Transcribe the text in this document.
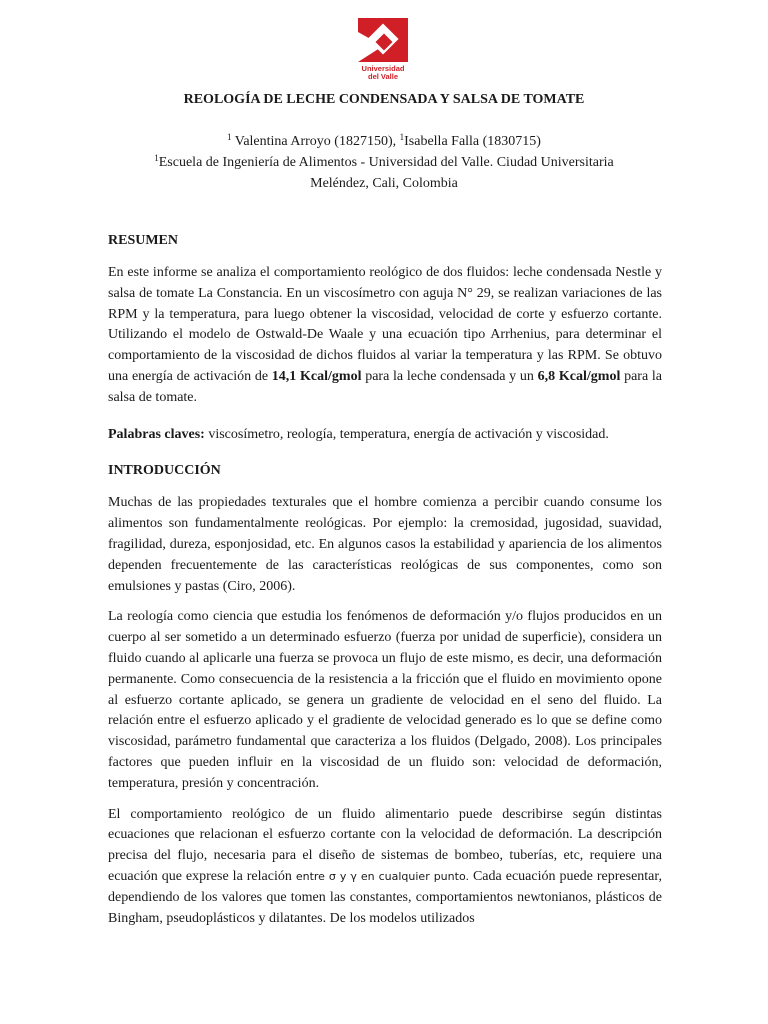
Universidad
del Valle
REOLOGÍA DE LECHE CONDENSADA Y SALSA DE TOMATE
$^1$ Valentina Arroyo (1827150), $^1$Isabella Falla (1830715)
$^1$Escuela de Ingeniería de Alimentos - Universidad del Valle. Ciudad Universitaria
Meléndez, Cali, Colombia

RESUMEN

En este informe se analiza el comportamiento reológico de dos fluidos: leche condensada Nestle y salsa de tomate La Constancia. En un viscosímetro con aguja N° 29, se realizan variaciones de las RPM y la temperatura, para luego obtener la viscosidad, velocidad de corte y esfuerzo cortante. Utilizando el modelo de Ostwald-De Waale y una ecuación tipo Arrhenius, para determinar el comportamiento de la viscosidad de dichos fluidos al variar la temperatura y las RPM. Se obtuvo una energía de activación de 14,1 Kcal/gmol para la leche condensada y un 6,8 Kcal/gmol para la salsa de tomate.

Palabras claves: viscosímetro, reología, temperatura, energía de activación y viscosidad.

INTRODUCCIÓN

Muchas de las propiedades texturales que el hombre comienza a percibir cuando consume los alimentos son fundamentalmente reológicas. Por ejemplo: la cremosidad, jugosidad, suavidad, fragilidad, dureza, esponjosidad, etc. En algunos casos la estabilidad y apariencia de los alimentos dependen frecuentemente de las características reológicas de sus componentes, como son emulsiones y pastas (Ciro, 2006).

La reología como ciencia que estudia los fenómenos de deformación y/o flujos producidos en un cuerpo al ser sometido a un determinado esfuerzo (fuerza por unidad de superficie), considera un fluido cuando al aplicarle una fuerza se provoca un flujo de este mismo, es decir, una deformación permanente. Como consecuencia de la resistencia a la fricción que el fluido en movimiento opone al esfuerzo cortante aplicado, se genera un gradiente de velocidad en el seno del fluido. La relación entre el esfuerzo aplicado y el gradiente de velocidad generado es lo que se define como viscosidad, parámetro fundamental que caracteriza a los fluidos (Delgado, 2008). Los principales factores que pueden influir en la viscosidad de un fluido son: velocidad de deformación, temperatura, presión y concentración.

El comportamiento reológico de un fluido alimentario puede describirse según distintas ecuaciones que relacionan el esfuerzo cortante con la velocidad de deformación. La descripción precisa del flujo, necesaria para el diseño de sistemas de bombeo, tuberías, etc, requiere una ecuación que exprese la relación entre σ y γ en cualquier punto. Cada ecuación puede representar, dependiendo de los valores que tomen las constantes, comportamientos newtonianos, plásticos de Bingham, pseudoplásticos y dilatantes. De los modelos utilizados
